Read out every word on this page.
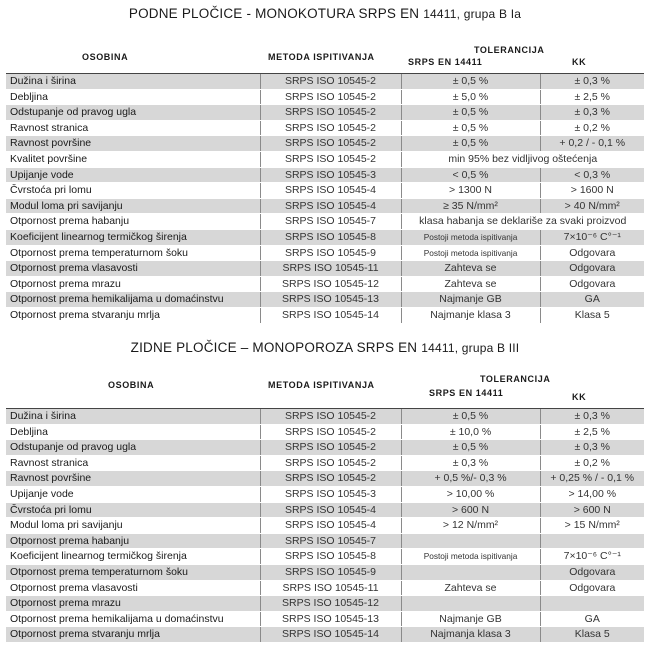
PODNE PLOČICE - MONOKOTURA SRPS EN 14411, grupa B Ia
OSOBINA	METODA ISPITIVANJA
TOLERANCIJA
SRPS EN 14411	KK
Dužina i širina	SRPS ISO 10545-2	± 0,5 %	± 0,3 %
Debljina	SRPS ISO 10545-2	± 5,0 %	± 2,5 %
Odstupanje od pravog ugla	SRPS ISO 10545-2	± 0,5 %	± 0,3 %
Ravnost stranica	SRPS ISO 10545-2	± 0,5 %	± 0,2 %
Ravnost površine	SRPS ISO 10545-2	± 0,5 %	+ 0,2 / - 0,1 %
Kvalitet površine	SRPS ISO 10545-2	min 95% bez vidljivog oštećenja	
Upijanje vode	SRPS ISO 10545-3	< 0,5 %	< 0,3 %
Čvrstoća pri lomu	SRPS ISO 10545-4	> 1300 N	> 1600 N
Modul loma pri savijanju	SRPS ISO 10545-4	≥ 35 N/mm²	> 40 N/mm²
Otpornost prema habanju	SRPS ISO 10545-7	klasa habanja se deklariše za svaki proizvod	
Koeficijent linearnog termičkog širenja	SRPS ISO 10545-8	Postoji metoda ispitivanja	7×10⁻⁶ C°⁻¹
Otpornost prema temperaturnom šoku	SRPS ISO 10545-9	Postoji metoda ispitivanja	Odgovara
Otpornost prema vlasavosti	SRPS ISO 10545-11	Zahteva se	Odgovara
Otpornost prema mrazu	SRPS ISO 10545-12	Zahteva se	Odgovara
Otpornost prema hemikalijama u domaćinstvu	SRPS ISO 10545-13	Najmanje GB	GA
Otpornost prema stvaranju mrlja	SRPS ISO 10545-14	Najmanje klasa 3	Klasa 5
ZIDNE PLOČICE – MONOPOROZA SRPS EN 14411, grupa B III
OSOBINA	METODA ISPITIVANJA
TOLERANCIJA
SRPS EN 14411	KK
Dužina i širina	SRPS ISO 10545-2	± 0,5 %	± 0,3 %
Debljina	SRPS ISO 10545-2	± 10,0 %	± 2,5 %
Odstupanje od pravog ugla	SRPS ISO 10545-2	± 0,5 %	± 0,3 %
Ravnost stranica	SRPS ISO 10545-2	± 0,3 %	± 0,2 %
Ravnost površine	SRPS ISO 10545-2	+ 0,5 %/- 0,3 %	+ 0,25 % / - 0,1 %
Upijanje vode	SRPS ISO 10545-3	> 10,00 %	> 14,00 %
Čvrstoća pri lomu	SRPS ISO 10545-4	> 600 N	> 600 N
Modul loma pri savijanju	SRPS ISO 10545-4	> 12 N/mm²	> 15 N/mm²
Otpornost prema habanju	SRPS ISO 10545-7		
Koeficijent linearnog termičkog širenja	SRPS ISO 10545-8	Postoji metoda ispitivanja	7×10⁻⁶ C°⁻¹
Otpornost prema temperaturnom šoku	SRPS ISO 10545-9		Odgovara
Otpornost prema vlasavosti	SRPS ISO 10545-11	Zahteva se	Odgovara
Otpornost prema mrazu	SRPS ISO 10545-12		
Otpornost prema hemikalijama u domaćinstvu	SRPS ISO 10545-13	Najmanje GB	GA
Otpornost prema stvaranju mrlja	SRPS ISO 10545-14	Najmanja klasa 3	Klasa 5
